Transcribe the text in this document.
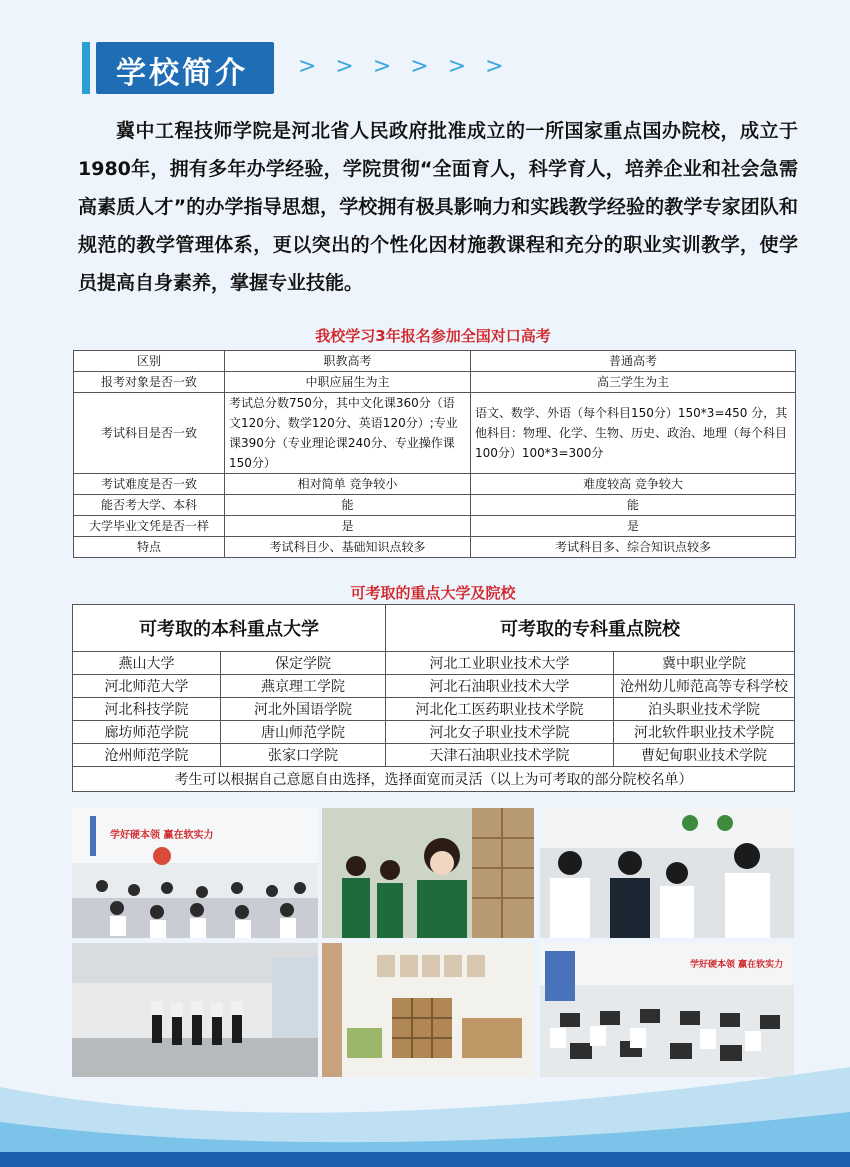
学校简介 > > > > > >
冀中工程技师学院是河北省人民政府批准成立的一所国家重点国办院校，成立于1980年，拥有多年办学经验，学院贯彻“全面育人，科学育人，培养企业和社会急需高素质人才”的办学指导思想，学校拥有极具影响力和实践教学经验的教学专家团队和规范的教学管理体系，更以突出的个性化因材施教课程和充分的职业实训教学，使学员提高自身素养，掌握专业技能。
我校学习3年报名参加全国对口高考
区别	职教高考	普通高考
报考对象是否一致	中职应届生为主	高三学生为主
考试科目是否一致	考试总分数750分，其中文化课360分（语文120分、数学120分、英语120分）;专业课390分（专业理论课240分、专业操作课150分）	语文、数学、外语（每个科目150分）150*3=450 分，其他科目：物理、化学、生物、历史、政治、地理（每个科目100分）100*3=300分
考试难度是否一致	相对简单 竞争较小	难度较高 竞争较大
能否考大学、本科	能	能
大学毕业文凭是否一样	是	是
特点	考试科目少、基础知识点较多	考试科目多、综合知识点较多
可考取的重点大学及院校
可考取的本科重点大学		可考取的专科重点院校	
燕山大学	保定学院	河北工业职业技术大学	冀中职业学院
河北师范大学	燕京理工学院	河北石油职业技术大学	沧州幼儿师范高等专科学校
河北科技学院	河北外国语学院	河北化工医药职业技术学院	泊头职业技术学院
廊坊师范学院	唐山师范学院	河北女子职业技术学院	河北软件职业技术学院
沧州师范学院	张家口学院	天津石油职业技术学院	曹妃甸职业技术学院
考生可以根据自己意愿自由选择，选择面宽而灵活（以上为可考取的部分院校名单）			
学好硬本领 赢在软实力
学好硬本领 赢在软实力
